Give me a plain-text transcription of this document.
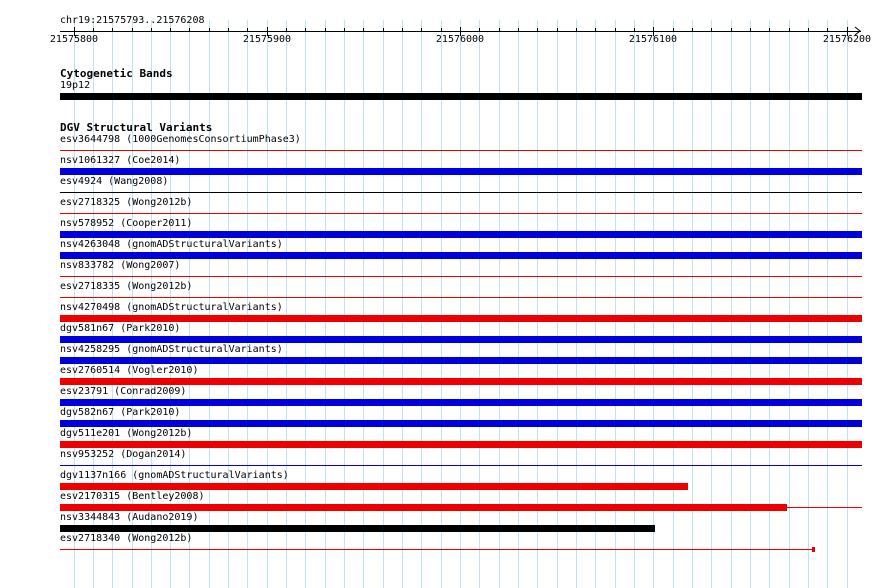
chr19:21575793..21576208
21575800	21575900	21576000	21576100	21576200
Cytogenetic Bands
19p12
DGV Structural Variants
esv3644798 (1000GenomesConsortiumPhase3)
nsv1061327 (Coe2014)
esv4924 (Wang2008)
esv2718325 (Wong2012b)
nsv578952 (Cooper2011)
nsv4263048 (gnomADStructuralVariants)
nsv833782 (Wong2007)
esv2718335 (Wong2012b)
nsv4270498 (gnomADStructuralVariants)
dgv581n67 (Park2010)
nsv4258295 (gnomADStructuralVariants)
esv2760514 (Vogler2010)
esv23791 (Conrad2009)
dgv582n67 (Park2010)
dgv511e201 (Wong2012b)
nsv953252 (Dogan2014)
dgv1137n166 (gnomADStructuralVariants)
esv2170315 (Bentley2008)
nsv3344843 (Audano2019)
esv2718340 (Wong2012b)
